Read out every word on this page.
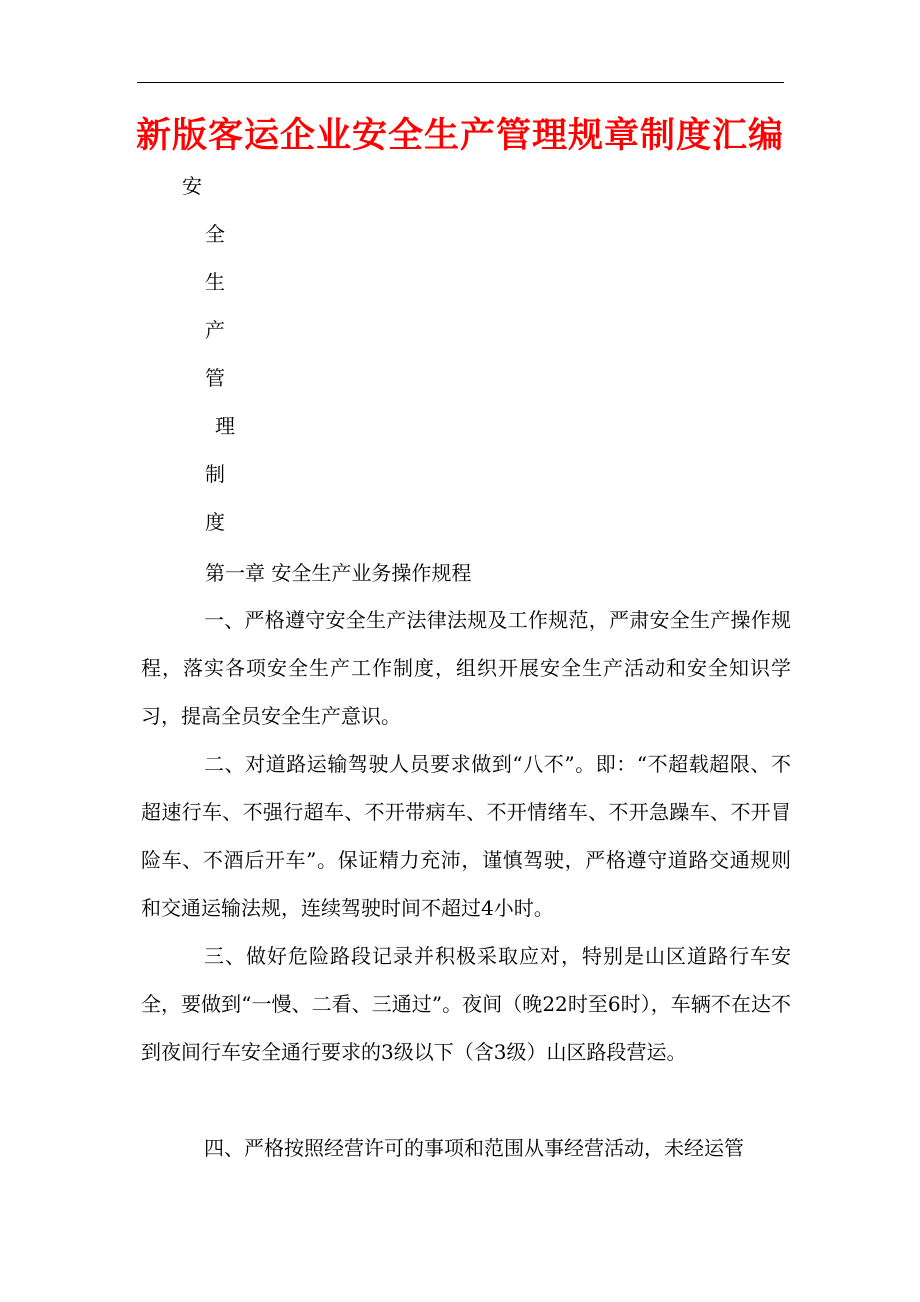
新版客运企业安全生产管理规章制度汇编
安
全
生
产
管
理
制
度
第一章 安全生产业务操作规程

一、严格遵守安全生产法律法规及工作规范，严肃安全生产操作规程，落实各项安全生产工作制度，组织开展安全生产活动和安全知识学习，提高全员安全生产意识。

二、对道路运输驾驶人员要求做到“八不”。即：“不超载超限、不超速行车、不强行超车、不开带病车、不开情绪车、不开急躁车、不开冒险车、不酒后开车”。保证精力充沛，谨慎驾驶，严格遵守道路交通规则和交通运输法规，连续驾驶时间不超过4小时。

三、做好危险路段记录并积极采取应对，特别是山区道路行车安全，要做到“一慢、二看、三通过”。夜间（晚22时至6时），车辆不在达不到夜间行车安全通行要求的3级以下（含3级）山区路段营运。

四、严格按照经营许可的事项和范围从事经营活动，未经运管
